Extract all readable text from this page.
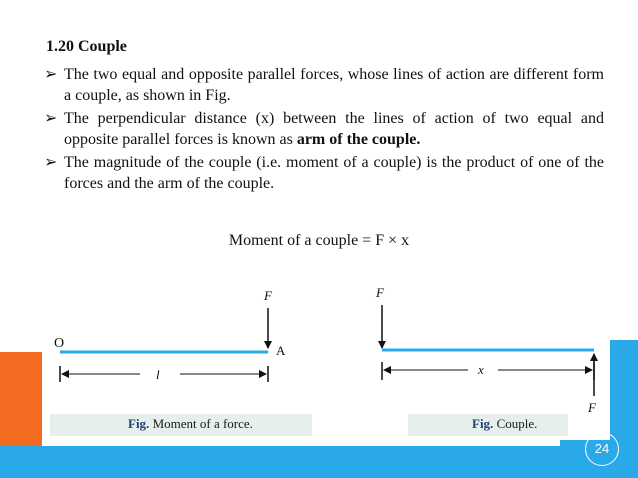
1.20 Couple
➢ The two equal and opposite parallel forces, whose lines of action are different form a couple, as shown in Fig.
➢ The perpendicular distance (x) between the lines of action of two equal and opposite parallel forces is known as arm of the couple.
➢ The magnitude of the couple (i.e. moment of a couple) is the product of one of the forces and the arm of the couple.
Moment of a couple = F × x
O
F
A
l
F
F
x
Fig. Moment of a force.	Fig. Couple.
24
